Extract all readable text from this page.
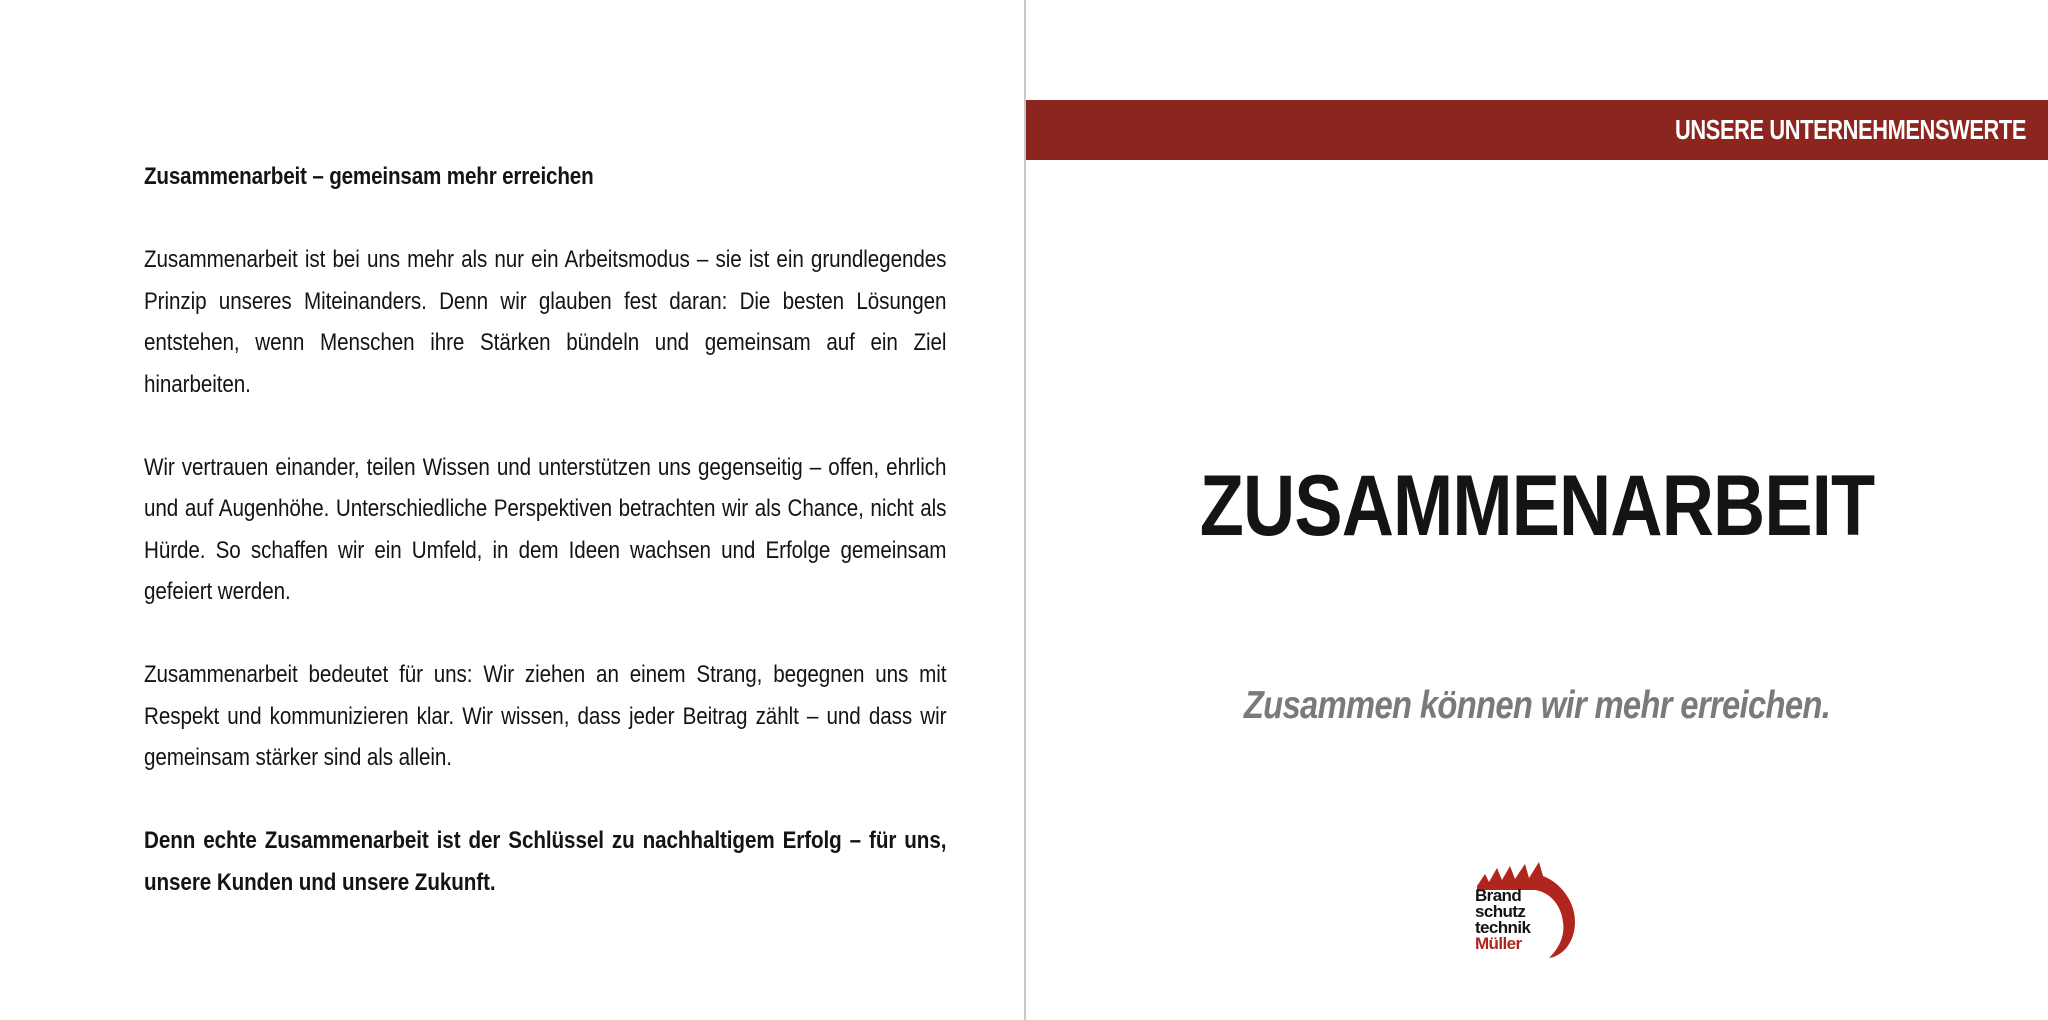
Zusammenarbeit – gemeinsam mehr erreichen

Zusammenarbeit ist bei uns mehr als nur ein Arbeitsmodus – sie ist ein grundlegendes Prinzip unseres Miteinanders. Denn wir glauben fest daran: Die besten Lösungen entstehen, wenn Menschen ihre Stärken bündeln und gemeinsam auf ein Ziel hinarbeiten.

Wir vertrauen einander, teilen Wissen und unterstützen uns gegenseitig – offen, ehrlich und auf Augenhöhe. Unterschiedliche Perspektiven betrachten wir als Chance, nicht als Hürde. So schaffen wir ein Umfeld, in dem Ideen wachsen und Erfolge gemeinsam gefeiert werden.

Zusammenarbeit bedeutet für uns: Wir ziehen an einem Strang, begegnen uns mit Respekt und kommunizieren klar. Wir wissen, dass jeder Beitrag zählt – und dass wir gemeinsam stärker sind als allein.

Denn echte Zusammenarbeit ist der Schlüssel zu nachhaltigem Erfolg – für uns, unsere Kunden und unsere Zukunft.

UNSERE UNTERNEHMENSWERTE
ZUSAMMENARBEIT
Zusammen können wir mehr erreichen.
Brand
schutz
technik
Müller
